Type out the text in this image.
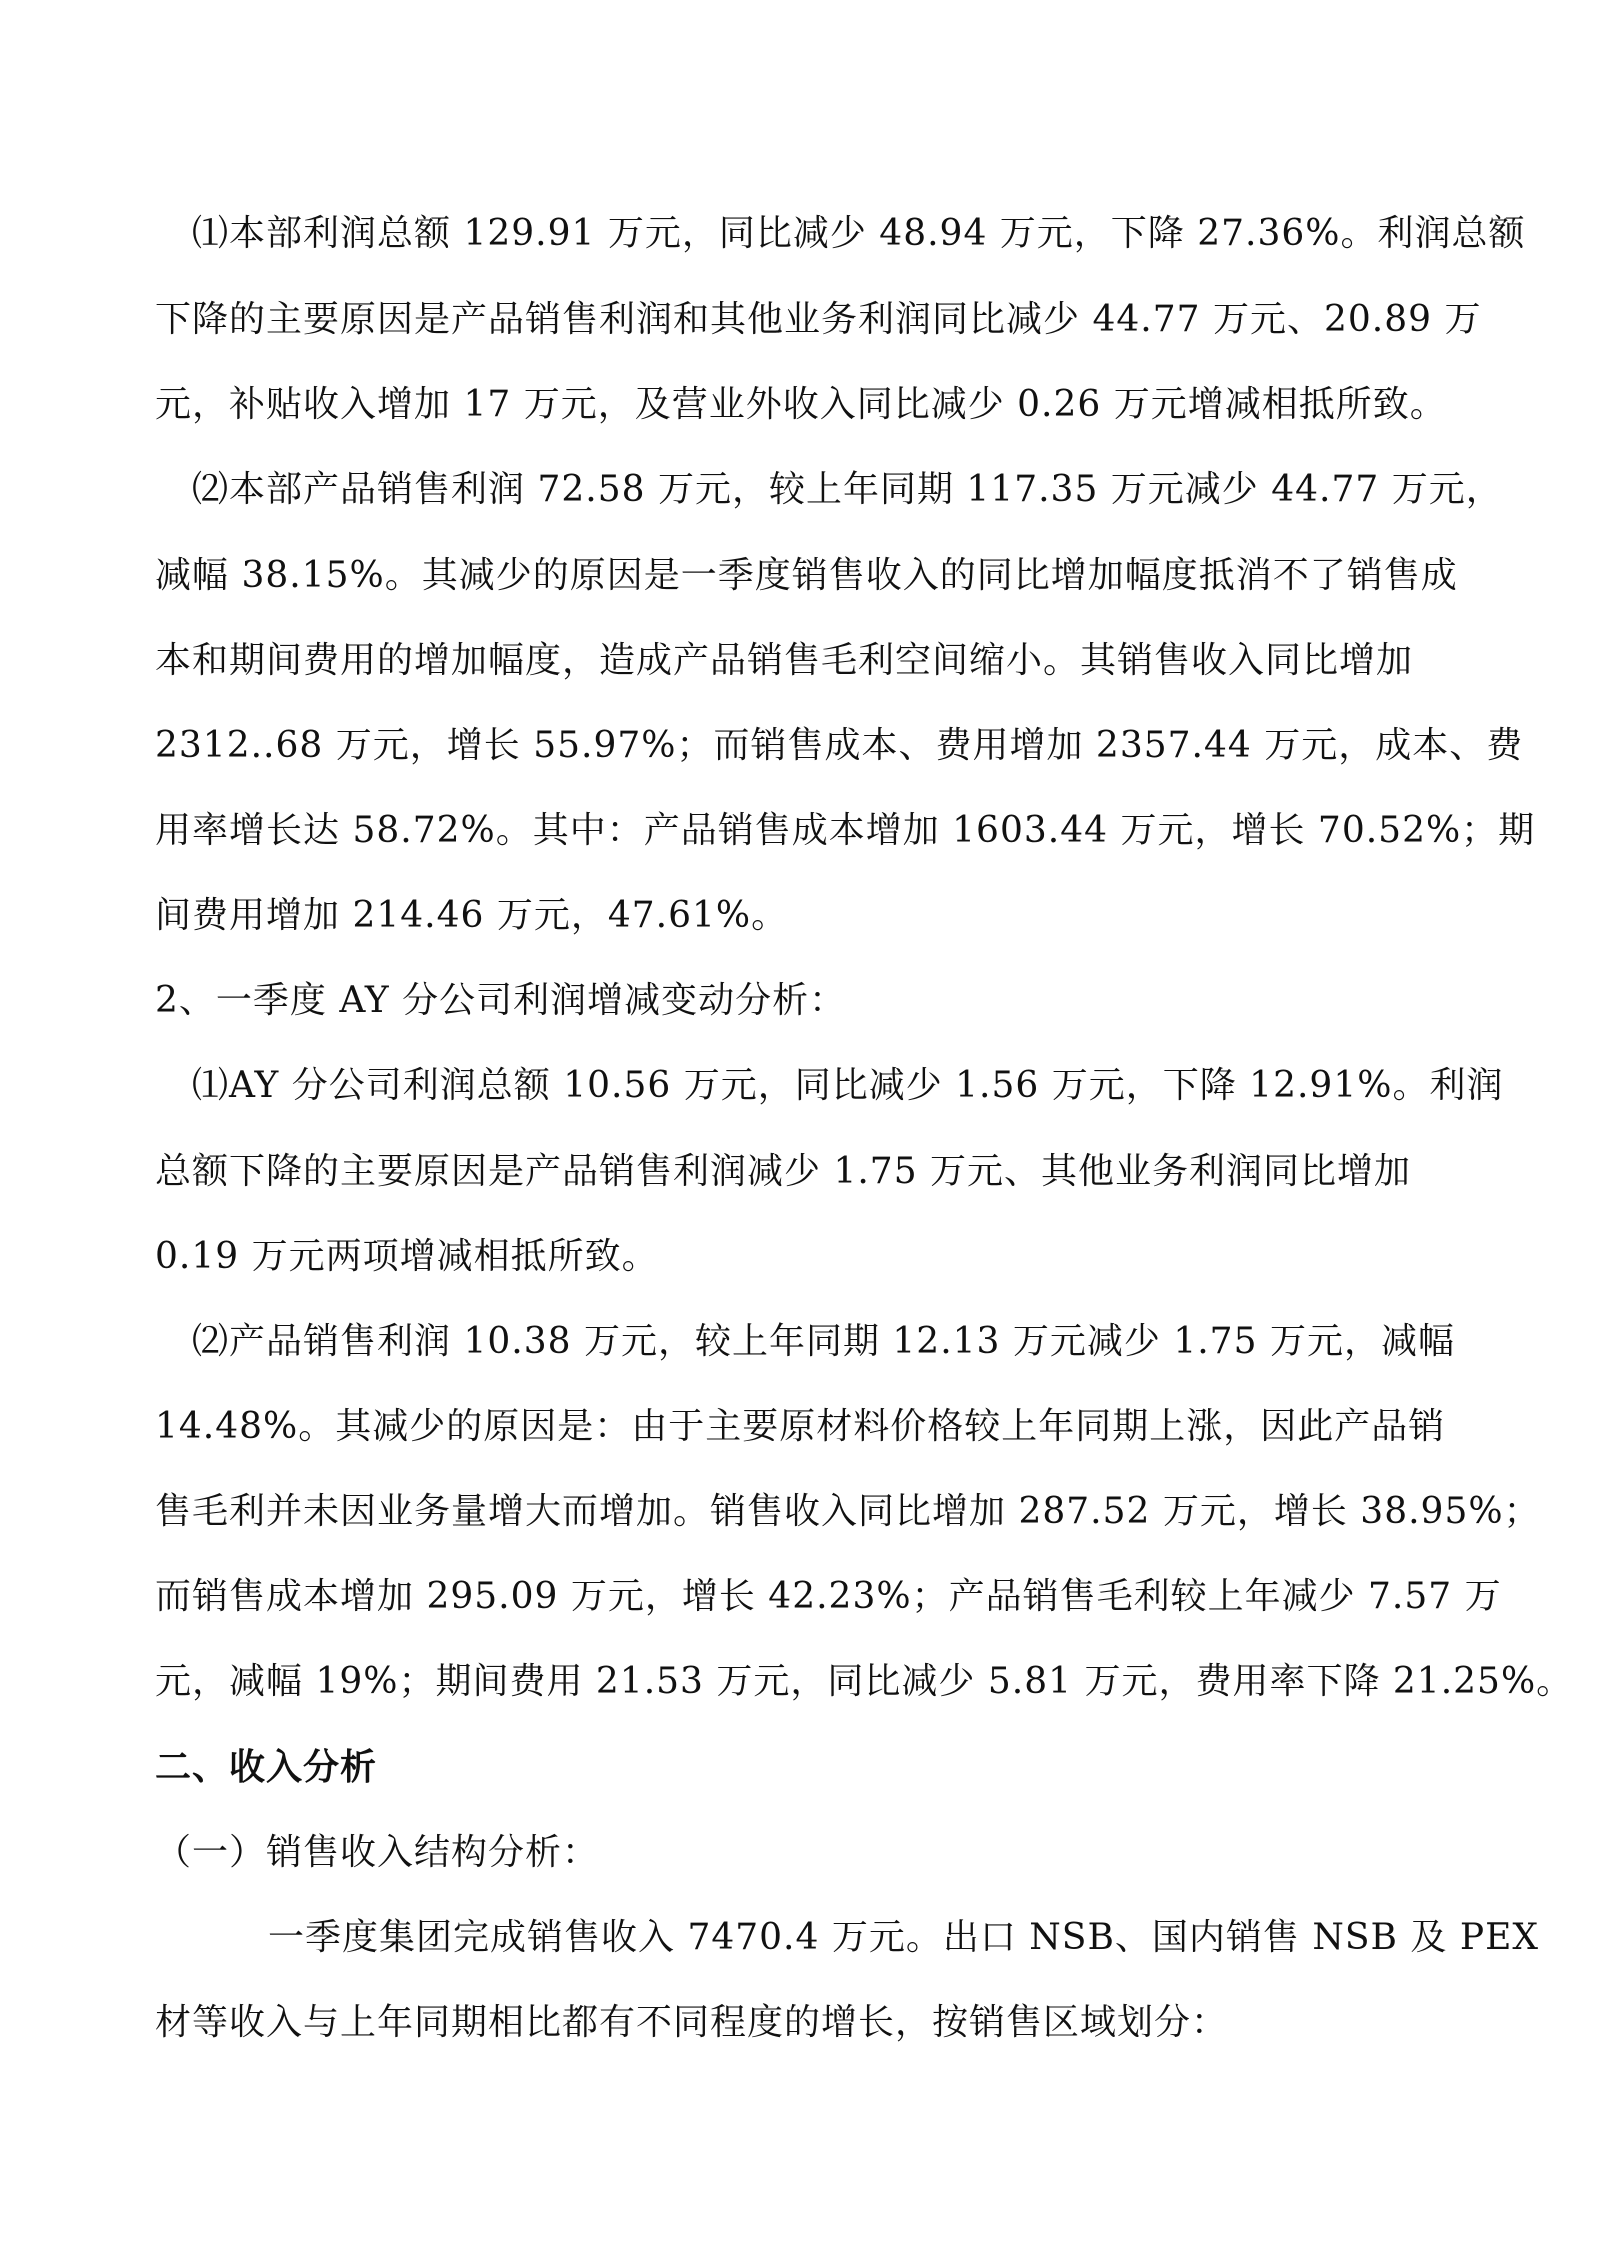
⑴本部利润总额 129.91 万元，同比减少 48.94 万元，下降 27.36%。利润总额
下降的主要原因是产品销售利润和其他业务利润同比减少 44.77 万元、20.89 万
元，补贴收入增加 17 万元，及营业外收入同比减少 0.26 万元增减相抵所致。
⑵本部产品销售利润 72.58 万元，较上年同期 117.35 万元减少 44.77 万元，
减幅 38.15%。其减少的原因是一季度销售收入的同比增加幅度抵消不了销售成
本和期间费用的增加幅度，造成产品销售毛利空间缩小。其销售收入同比增加
2312..68 万元，增长 55.97%；而销售成本、费用增加 2357.44 万元，成本、费
用率增长达 58.72%。其中：产品销售成本增加 1603.44 万元，增长 70.52%；期
间费用增加 214.46 万元，47.61%。
2、一季度 AY 分公司利润增减变动分析：
⑴AY 分公司利润总额 10.56 万元，同比减少 1.56 万元，下降 12.91%。利润
总额下降的主要原因是产品销售利润减少 1.75 万元、其他业务利润同比增加
0.19 万元两项增减相抵所致。
⑵产品销售利润 10.38 万元，较上年同期 12.13 万元减少 1.75 万元，减幅
14.48%。其减少的原因是：由于主要原材料价格较上年同期上涨，因此产品销
售毛利并未因业务量增大而增加。销售收入同比增加 287.52 万元，增长 38.95%；
而销售成本增加 295.09 万元，增长 42.23%；产品销售毛利较上年减少 7.57 万
元，减幅 19%；期间费用 21.53 万元，同比减少 5.81 万元，费用率下降 21.25%。
二、收入分析
（一）销售收入结构分析：
一季度集团完成销售收入 7470.4 万元。出口 NSB、国内销售 NSB 及 PEX
材等收入与上年同期相比都有不同程度的增长，按销售区域划分：
